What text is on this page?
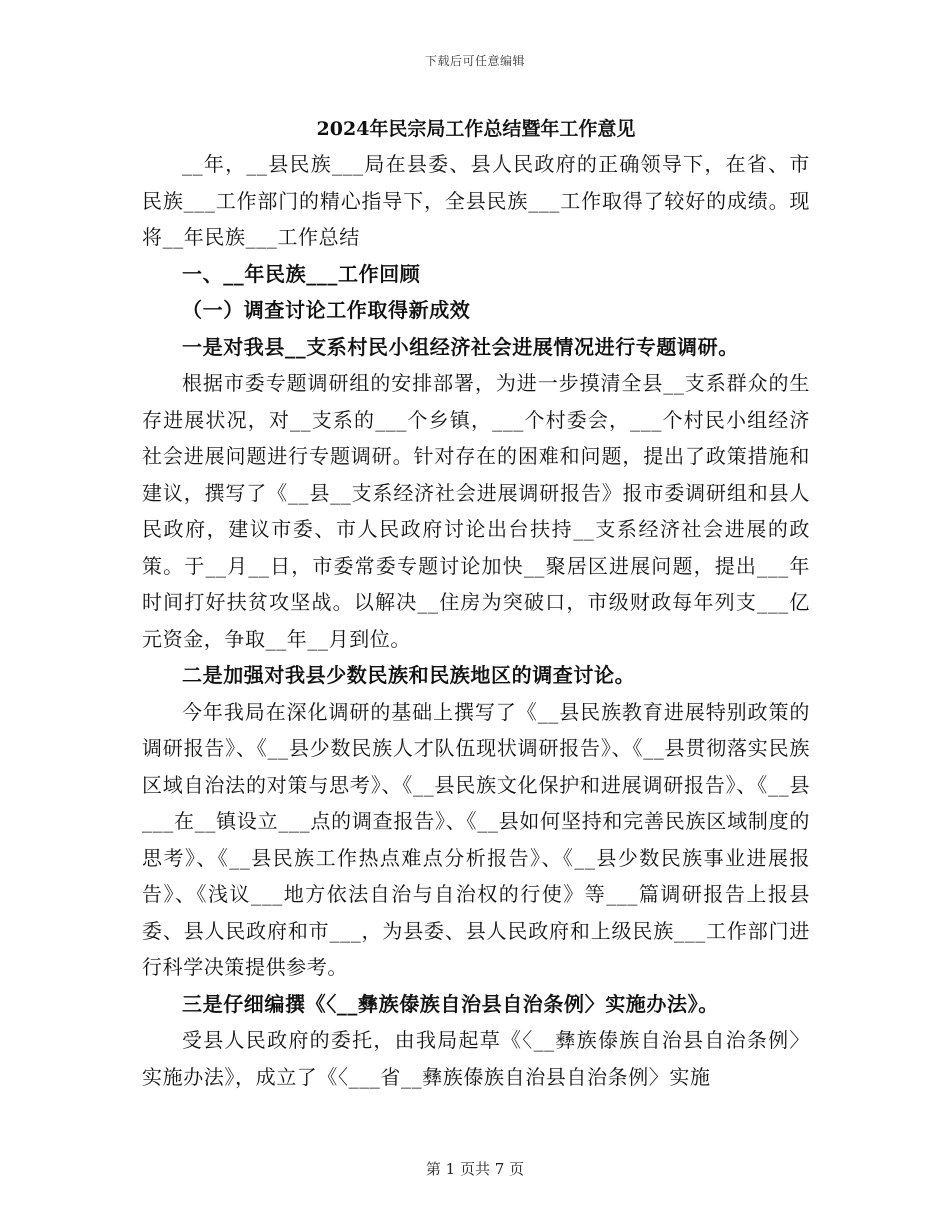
下载后可任意编辑

2024年民宗局工作总结暨年工作意见

__年，__县民族___局在县委、县人民政府的正确领导下，在省、市民族___工作部门的精心指导下，全县民族___工作取得了较好的成绩。现将__年民族___工作总结

一、__年民族___工作回顾

（一）调查讨论工作取得新成效

一是对我县__支系村民小组经济社会进展情况进行专题调研。

根据市委专题调研组的安排部署，为进一步摸清全县__支系群众的生存进展状况，对__支系的___个乡镇，___个村委会，___个村民小组经济社会进展问题进行专题调研。针对存在的困难和问题，提出了政策措施和建议，撰写了《__县__支系经济社会进展调研报告》报市委调研组和县人民政府，建议市委、市人民政府讨论出台扶持__支系经济社会进展的政策。于__月__日，市委常委专题讨论加快__聚居区进展问题，提出___年时间打好扶贫攻坚战。以解决__住房为突破口，市级财政每年列支___亿元资金，争取__年__月到位。

二是加强对我县少数民族和民族地区的调查讨论。

今年我局在深化调研的基础上撰写了《__县民族教育进展特别政策的调研报告》、《__县少数民族人才队伍现状调研报告》、《__县贯彻落实民族区域自治法的对策与思考》、《__县民族文化保护和进展调研报告》、《__县___在__镇设立___点的调查报告》、《__县如何坚持和完善民族区域制度的思考》、《__县民族工作热点难点分析报告》、《__县少数民族事业进展报告》、《浅议___地方依法自治与自治权的行使》等___篇调研报告上报县委、县人民政府和市___，为县委、县人民政府和上级民族___工作部门进行科学决策提供参考。

三是仔细编撰《〈__彝族傣族自治县自治条例〉实施办法》。

受县人民政府的委托，由我局起草《〈__彝族傣族自治县自治条例〉实施办法》，成立了《〈___省__彝族傣族自治县自治条例〉实施

第 1 页共 7 页
